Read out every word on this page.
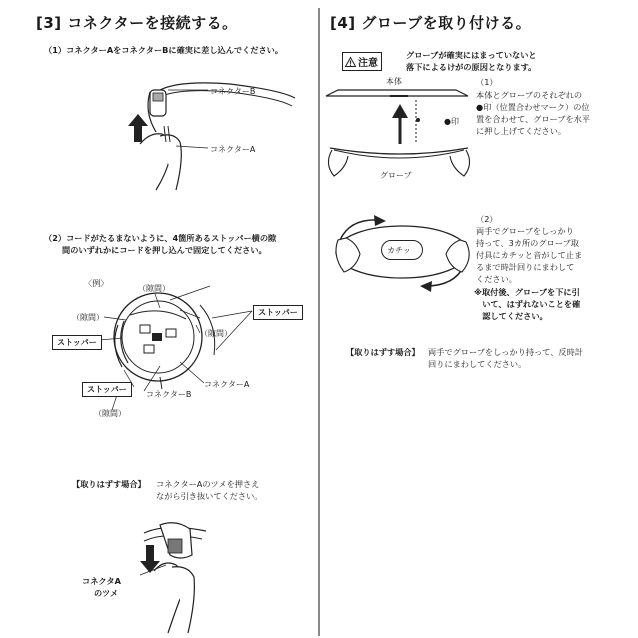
[3] コネクターを接続する。
（1）コネクターAをコネクターBに確実に差し込んでください。
コネクターB
コネクターA
（2）コードがたるまないように、4箇所あるストッパー横の隙
間のいずれかにコードを押し込んで固定してください。
〈例〉
（隙間）
（隙間）
ストッパー
ストッパー
（隙間）
コネクターA
ストッパー
コネクターB
（隙間）
【取りはずす場合】 コネクターAのツメを押さえ
ながら引き抜いてください。
コネクタA
のツメ
[4] グローブを取り付ける。
注意
グローブが確実にはまっていないと
落下によるけがの原因となります。
本体
●印
グローブ
（1）
本体とグローブのそれぞれの
●印（位置合わせマーク）の位
置を合わせて、グローブを水平
に押し上げてください。
カチッ
（2）
両手でグローブをしっかり
持って、3カ所のグローブ取
付具にカチッと音がして止ま
るまで時計回りにまわして
ください。
※取付後、グローブを下に引
　いて、はずれないことを確
　認してください。
【取りはずす場合】 両手でグローブをしっかり持って、反時計
回りにまわしてください。
